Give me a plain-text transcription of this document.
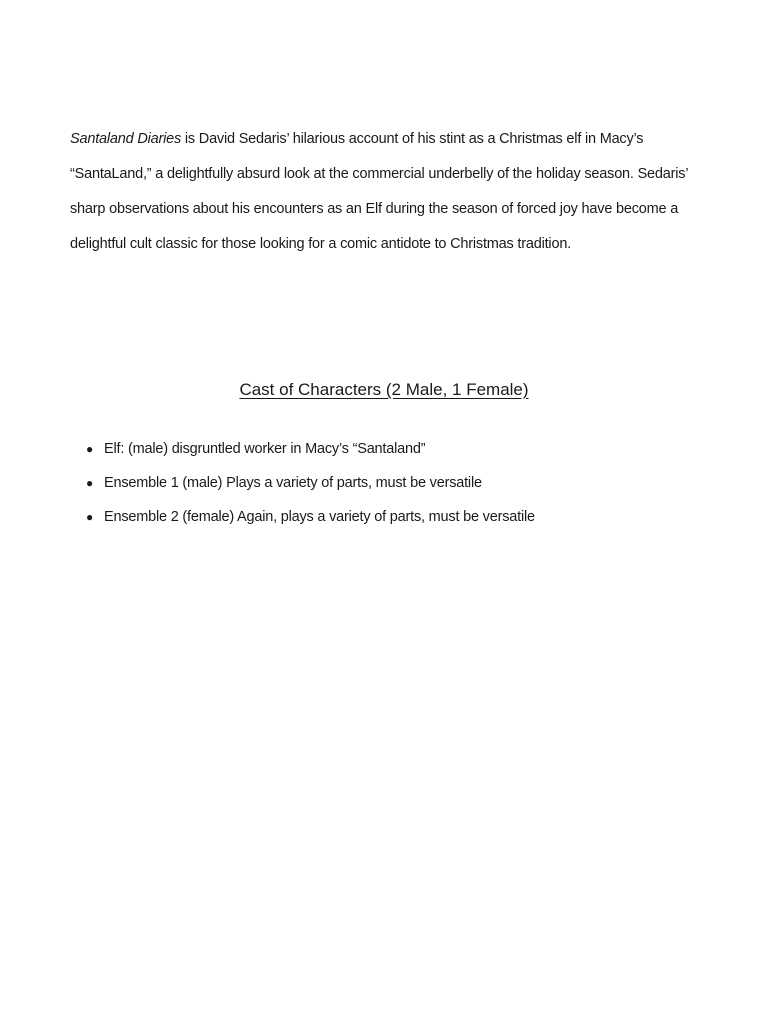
Santaland Diaries is David Sedaris’ hilarious account of his stint as a Christmas elf in Macy’s “SantaLand,” a delightfully absurd look at the commercial underbelly of the holiday season. Sedaris’ sharp observations about his encounters as an Elf during the season of forced joy have become a delightful cult classic for those looking for a comic antidote to Christmas tradition.

Cast of Characters (2 Male, 1 Female)
● Elf: (male) disgruntled worker in Macy’s “Santaland”
● Ensemble 1 (male) Plays a variety of parts, must be versatile
● Ensemble 2 (female) Again, plays a variety of parts, must be versatile
